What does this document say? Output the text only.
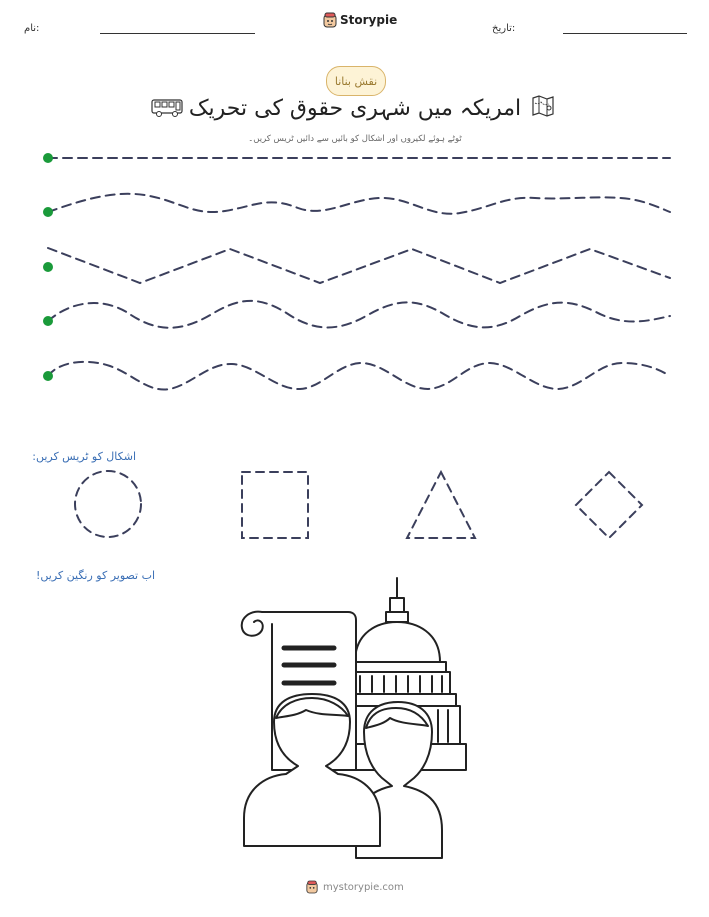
نام:
Storypie
تاریخ:
نقش بنانا
امریکہ میں شہری حقوق کی تحریک
ٹوٹے ہوئے لکیروں اور اشکال کو بائیں سے دائیں ٹریس کریں۔
اشکال کو ٹریس کریں:
اب تصویر کو رنگین کریں!
mystorypie.com
